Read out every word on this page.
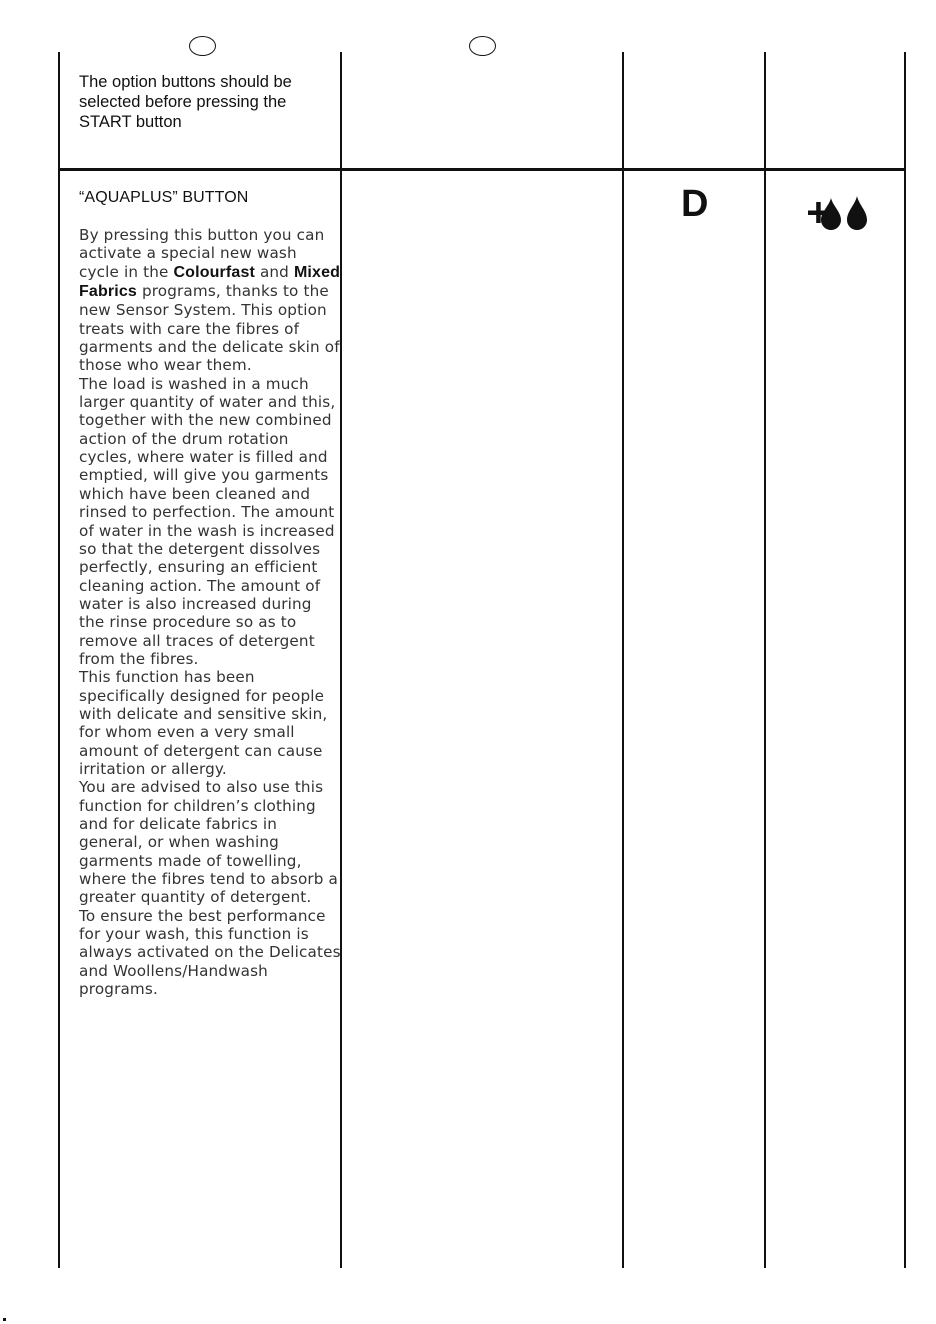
The option buttons should be selected before pressing the START button
“AQUAPLUS” BUTTON

By pressing this button you can activate a special new wash cycle in the Colourfast and Mixed Fabrics programs, thanks to the new Sensor System. This option treats with care the fibres of garments and the delicate skin of those who wear them.

The load is washed in a much larger quantity of water and this, together with the new combined action of the drum rotation cycles, where water is filled and emptied, will give you garments which have been cleaned and rinsed to perfection. The amount of water in the wash is increased so that the detergent dissolves perfectly, ensuring an efficient cleaning action. The amount of water is also increased during the rinse procedure so as to remove all traces of detergent from the fibres.

This function has been specifically designed for people with delicate and sensitive skin, for whom even a very small amount of detergent can cause irritation or allergy.

You are advised to also use this function for children’s clothing and for delicate fabrics in general, or when washing garments made of towelling, where the fibres tend to absorb a greater quantity of detergent.

To ensure the best performance for your wash, this function is always activated on the Delicates and Woollens/Handwash programs.

D
